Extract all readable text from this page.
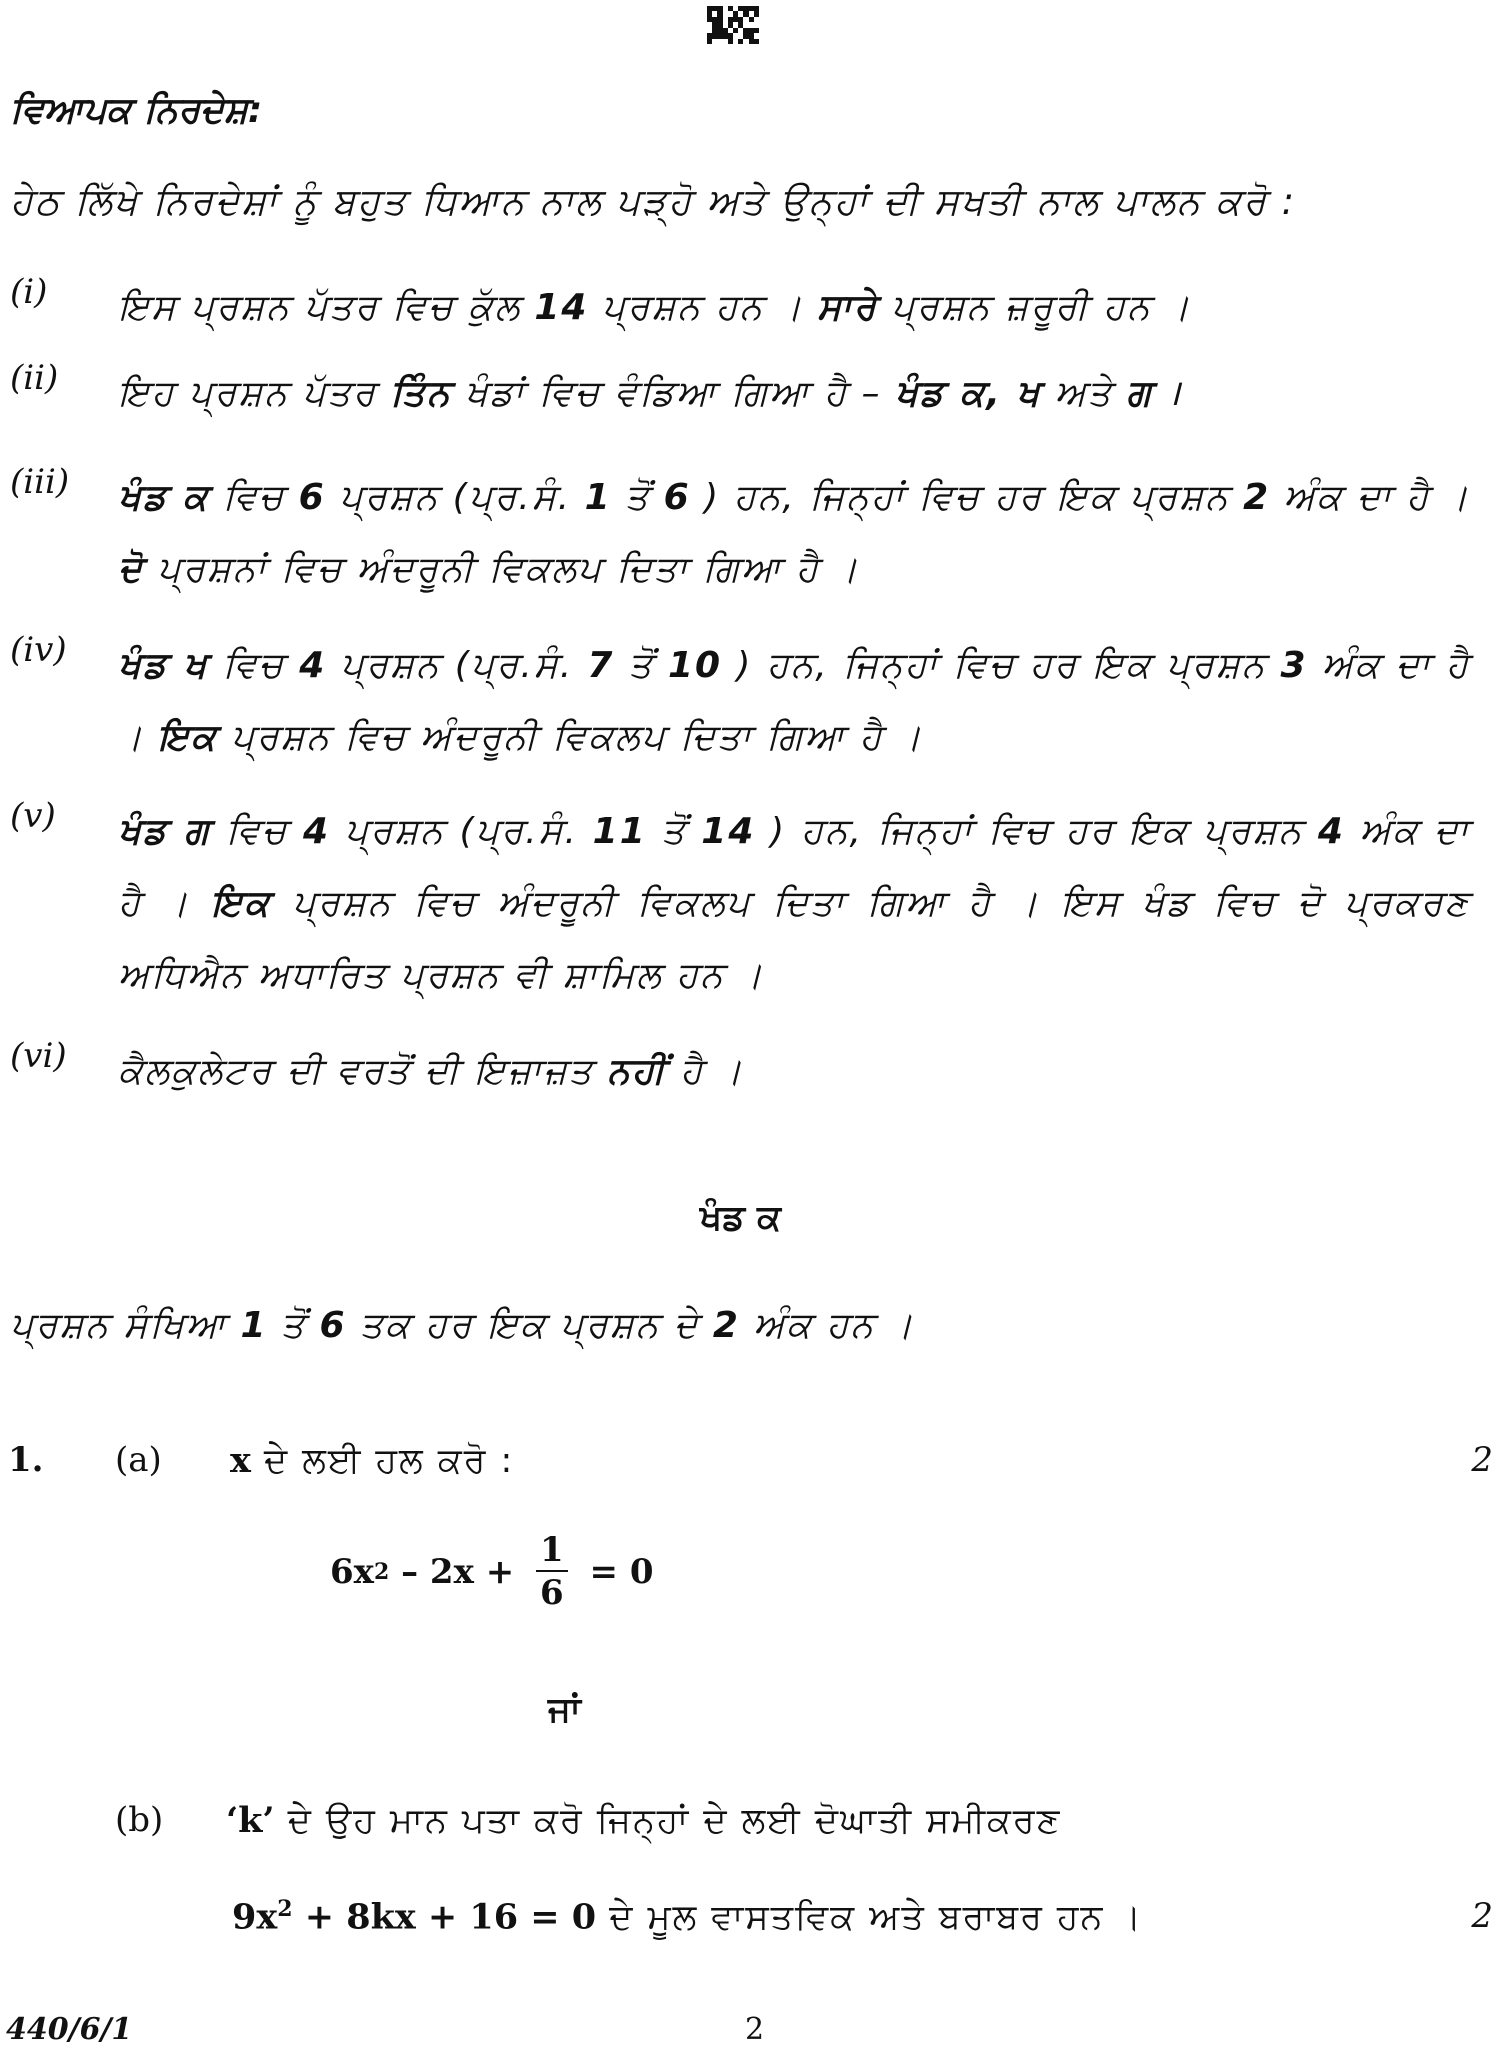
ਵਿਆਪਕ ਨਿਰਦੇਸ਼:
ਹੇਠ ਲਿੱਖੇ ਨਿਰਦੇਸ਼ਾਂ ਨੂੰ ਬਹੁਤ ਧਿਆਨ ਨਾਲ ਪੜ੍ਹੋ ਅਤੇ ਉਨ੍ਹਾਂ ਦੀ ਸਖਤੀ ਨਾਲ ਪਾਲਨ ਕਰੋ :
(i)	ਇਸ ਪ੍ਰਸ਼ਨ ਪੱਤਰ ਵਿਚ ਕੁੱਲ 14 ਪ੍ਰਸ਼ਨ ਹਨ । ਸਾਰੇ ਪ੍ਰਸ਼ਨ ਜ਼ਰੂਰੀ ਹਨ ।
(ii)	ਇਹ ਪ੍ਰਸ਼ਨ ਪੱਤਰ ਤਿੰਨ ਖੰਡਾਂ ਵਿਚ ਵੰਡਿਆ ਗਿਆ ਹੈ – ਖੰਡ ਕ, ਖ ਅਤੇ ਗ ।
(iii)	ਖੰਡ ਕ ਵਿਚ 6 ਪ੍ਰਸ਼ਨ (ਪ੍ਰ.ਸੰ. 1 ਤੋਂ 6 ) ਹਨ, ਜਿਨ੍ਹਾਂ ਵਿਚ ਹਰ ਇਕ ਪ੍ਰਸ਼ਨ 2 ਅੰਕ ਦਾ ਹੈ । ਦੋ ਪ੍ਰਸ਼ਨਾਂ ਵਿਚ ਅੰਦਰੂਨੀ ਵਿਕਲਪ ਦਿਤਾ ਗਿਆ ਹੈ ।
(iv)	ਖੰਡ ਖ ਵਿਚ 4 ਪ੍ਰਸ਼ਨ (ਪ੍ਰ.ਸੰ. 7 ਤੋਂ 10 ) ਹਨ, ਜਿਨ੍ਹਾਂ ਵਿਚ ਹਰ ਇਕ ਪ੍ਰਸ਼ਨ 3 ਅੰਕ ਦਾ ਹੈ । ਇਕ ਪ੍ਰਸ਼ਨ ਵਿਚ ਅੰਦਰੂਨੀ ਵਿਕਲਪ ਦਿਤਾ ਗਿਆ ਹੈ ।
(v)	ਖੰਡ ਗ ਵਿਚ 4 ਪ੍ਰਸ਼ਨ (ਪ੍ਰ.ਸੰ. 11 ਤੋਂ 14 ) ਹਨ, ਜਿਨ੍ਹਾਂ ਵਿਚ ਹਰ ਇਕ ਪ੍ਰਸ਼ਨ 4 ਅੰਕ ਦਾ ਹੈ । ਇਕ ਪ੍ਰਸ਼ਨ ਵਿਚ ਅੰਦਰੂਨੀ ਵਿਕਲਪ ਦਿਤਾ ਗਿਆ ਹੈ । ਇਸ ਖੰਡ ਵਿਚ ਦੋ ਪ੍ਰਕਰਣ ਅਧਿਐਨ ਅਧਾਰਿਤ ਪ੍ਰਸ਼ਨ ਵੀ ਸ਼ਾਮਿਲ ਹਨ ।
(vi)	ਕੈਲਕੁਲੇਟਰ ਦੀ ਵਰਤੋਂ ਦੀ ਇਜ਼ਾਜ਼ਤ ਨਹੀਂ ਹੈ ।
ਖੰਡ ਕ
ਪ੍ਰਸ਼ਨ ਸੰਖਿਆ 1 ਤੋਂ 6 ਤਕ ਹਰ ਇਕ ਪ੍ਰਸ਼ਨ ਦੇ 2 ਅੰਕ ਹਨ ।
1. (a) x ਦੇ ਲਈ ਹਲ ਕਰੋ :	2
6x $2 - 2x + \frac{1}{6} = 0$
ਜਾਂ
(b) ‘k’ ਦੇ ਉਹ ਮਾਨ ਪਤਾ ਕਰੋ ਜਿਨ੍ਹਾਂ ਦੇ ਲਈ ਦੋਘਾਤੀ ਸਮੀਕਰਣ
$9x^2 + 8kx + 16 = 0$ ਦੇ ਮੂਲ ਵਾਸਤਵਿਕ ਅਤੇ ਬਰਾਬਰ ਹਨ ।	2
440/6/1	2
